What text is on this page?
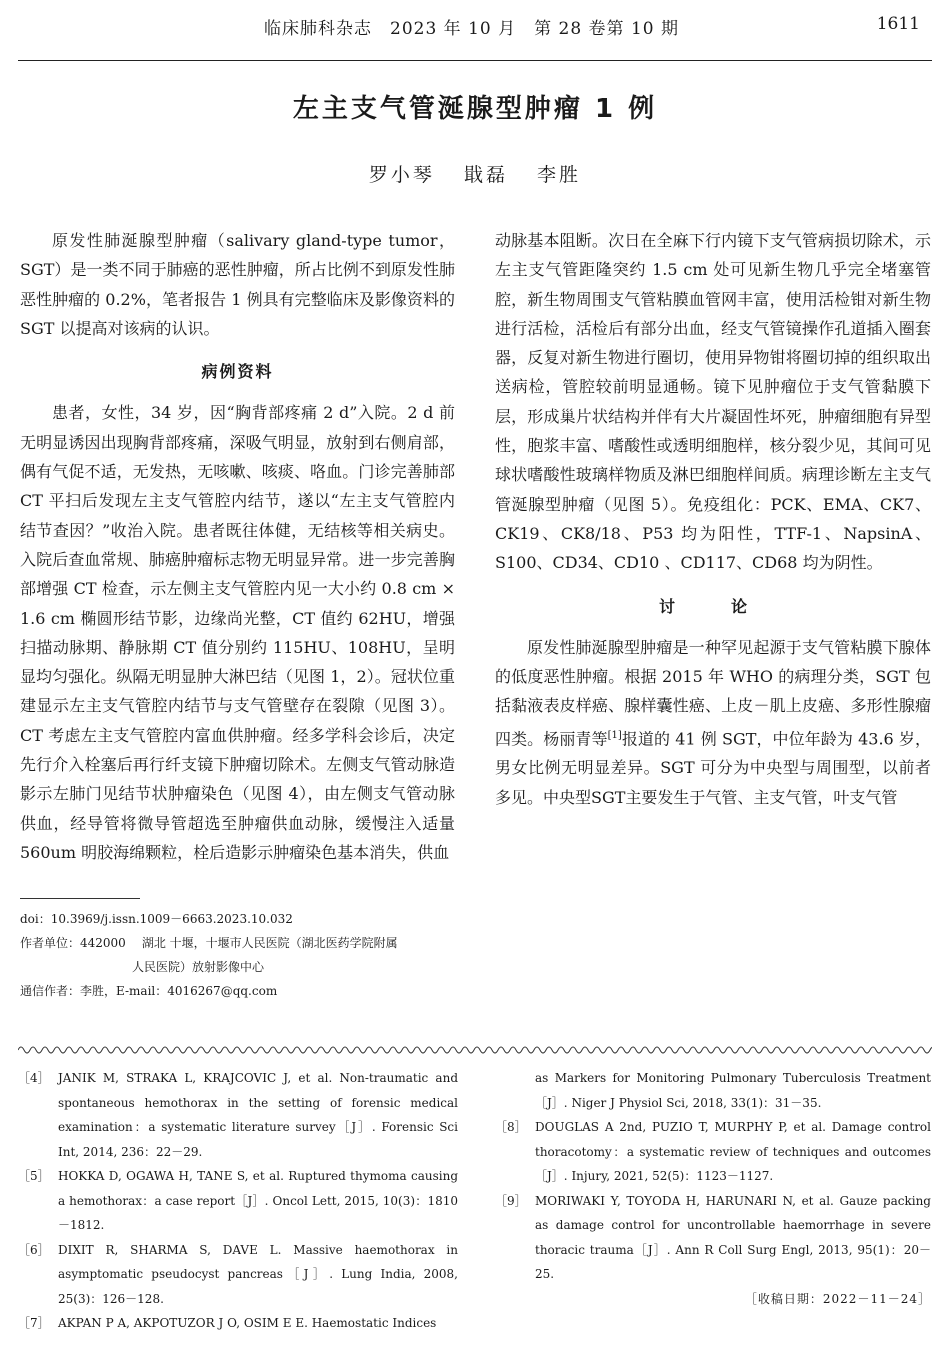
临床肺科杂志　2023 年 10 月　第 28 卷第 10 期	1611
左主支气管涎腺型肿瘤 1 例
罗小琴 戢磊 李胜

原发性肺涎腺型肿瘤（salivary gland-type tumor，SGT）是一类不同于肺癌的恶性肿瘤，所占比例不到原发性肺恶性肿瘤的 0.2%，笔者报告 1 例具有完整临床及影像资料的 SGT 以提高对该病的认识。

病例资料

患者，女性，34 岁，因“胸背部疼痛 2 d”入院。2 d 前无明显诱因出现胸背部疼痛，深吸气明显，放射到右侧肩部，偶有气促不适，无发热，无咳嗽、咳痰、咯血。门诊完善肺部 CT 平扫后发现左主支气管腔内结节，遂以“左主支气管腔内结节查因？”收治入院。患者既往体健，无结核等相关病史。入院后查血常规、肺癌肿瘤标志物无明显异常。进一步完善胸部增强 CT 检查，示左侧主支气管腔内见一大小约 0.8 cm × 1.6 cm 椭圆形结节影，边缘尚光整，CT 值约 62HU，增强扫描动脉期、静脉期 CT 值分别约 115HU、108HU，呈明显均匀强化。纵隔无明显肿大淋巴结（见图 1，2）。冠状位重建显示左主支气管腔内结节与支气管壁存在裂隙（见图 3）。CT 考虑左主支气管腔内富血供肿瘤。经多学科会诊后，决定先行介入栓塞后再行纤支镜下肿瘤切除术。左侧支气管动脉造影示左肺门见结节状肿瘤染色（见图 4），由左侧支气管动脉供血，经导管将微导管超选至肿瘤供血动脉，缓慢注入适量 560um 明胶海绵颗粒，栓后造影示肿瘤染色基本消失，供血

动脉基本阻断。次日在全麻下行内镜下支气管病损切除术，示左主支气管距隆突约 1.5 cm 处可见新生物几乎完全堵塞管腔，新生物周围支气管粘膜血管网丰富，使用活检钳对新生物进行活检，活检后有部分出血，经支气管镜操作孔道插入圈套器，反复对新生物进行圈切，使用异物钳将圈切掉的组织取出送病检，管腔较前明显通畅。镜下见肿瘤位于支气管黏膜下层，形成巢片状结构并伴有大片凝固性坏死，肿瘤细胞有异型性，胞浆丰富、嗜酸性或透明细胞样，核分裂少见，其间可见球状嗜酸性玻璃样物质及淋巴细胞样间质。病理诊断左主支气管涎腺型肿瘤（见图 5）。免疫组化：PCK、EMA、CK7、CK19、CK8/18、P53 均为阳性，TTF-1、NapsinA、S100、CD34、CD10 、CD117、CD68 均为阴性。

讨　论

原发性肺涎腺型肿瘤是一种罕见起源于支气管粘膜下腺体的低度恶性肿瘤。根据 2015 年 WHO 的病理分类，SGT 包括黏液表皮样癌、腺样囊性癌、上皮－肌上皮癌、多形性腺瘤四类。杨丽青等[1]报道的 41 例 SGT，中位年龄为 43.6 岁，男女比例无明显差异。SGT 可分为中央型与周围型，以前者多见。中央型SGT主要发生于气管、主支气管，叶支气管

doi：10.3969/j.issn.1009－6663.2023.10.032
作者单位：442000	湖北 十堰，十堰市人民医院（湖北医药学院附属
人民医院）放射影像中心
通信作者：李胜，E-mail：4016267@qq.com
［4］ JANIK M, STRAKA L, KRAJCOVIC J, et al. Non-traumatic and spontaneous hemothorax in the setting of forensic medical examination：a systematic literature survey［J］. Forensic Sci Int, 2014, 236：22－29.
［5］ HOKKA D, OGAWA H, TANE S, et al. Ruptured thymoma causing a hemothorax：a case report［J］. Oncol Lett, 2015, 10(3)：1810－1812.
［6］ DIXIT R, SHARMA S, DAVE L. Massive haemothorax in asymptomatic pseudocyst pancreas［J］. Lung India, 2008, 25(3)：126－128.
［7］ AKPAN P A, AKPOTUZOR J O, OSIM E E. Haemostatic Indices
as Markers for Monitoring Pulmonary Tuberculosis Treatment［J］. Niger J Physiol Sci, 2018, 33(1)：31－35.
［8］ DOUGLAS A 2nd, PUZIO T, MURPHY P, et al. Damage control thoracotomy：a systematic review of techniques and outcomes［J］. Injury, 2021, 52(5)：1123－1127.
［9］ MORIWAKI Y, TOYODA H, HARUNARI N, et al. Gauze packing as damage control for uncontrollable haemorrhage in severe thoracic trauma［J］. Ann R Coll Surg Engl, 2013, 95(1)：20－25.
［收稿日期：2022－11－24］
